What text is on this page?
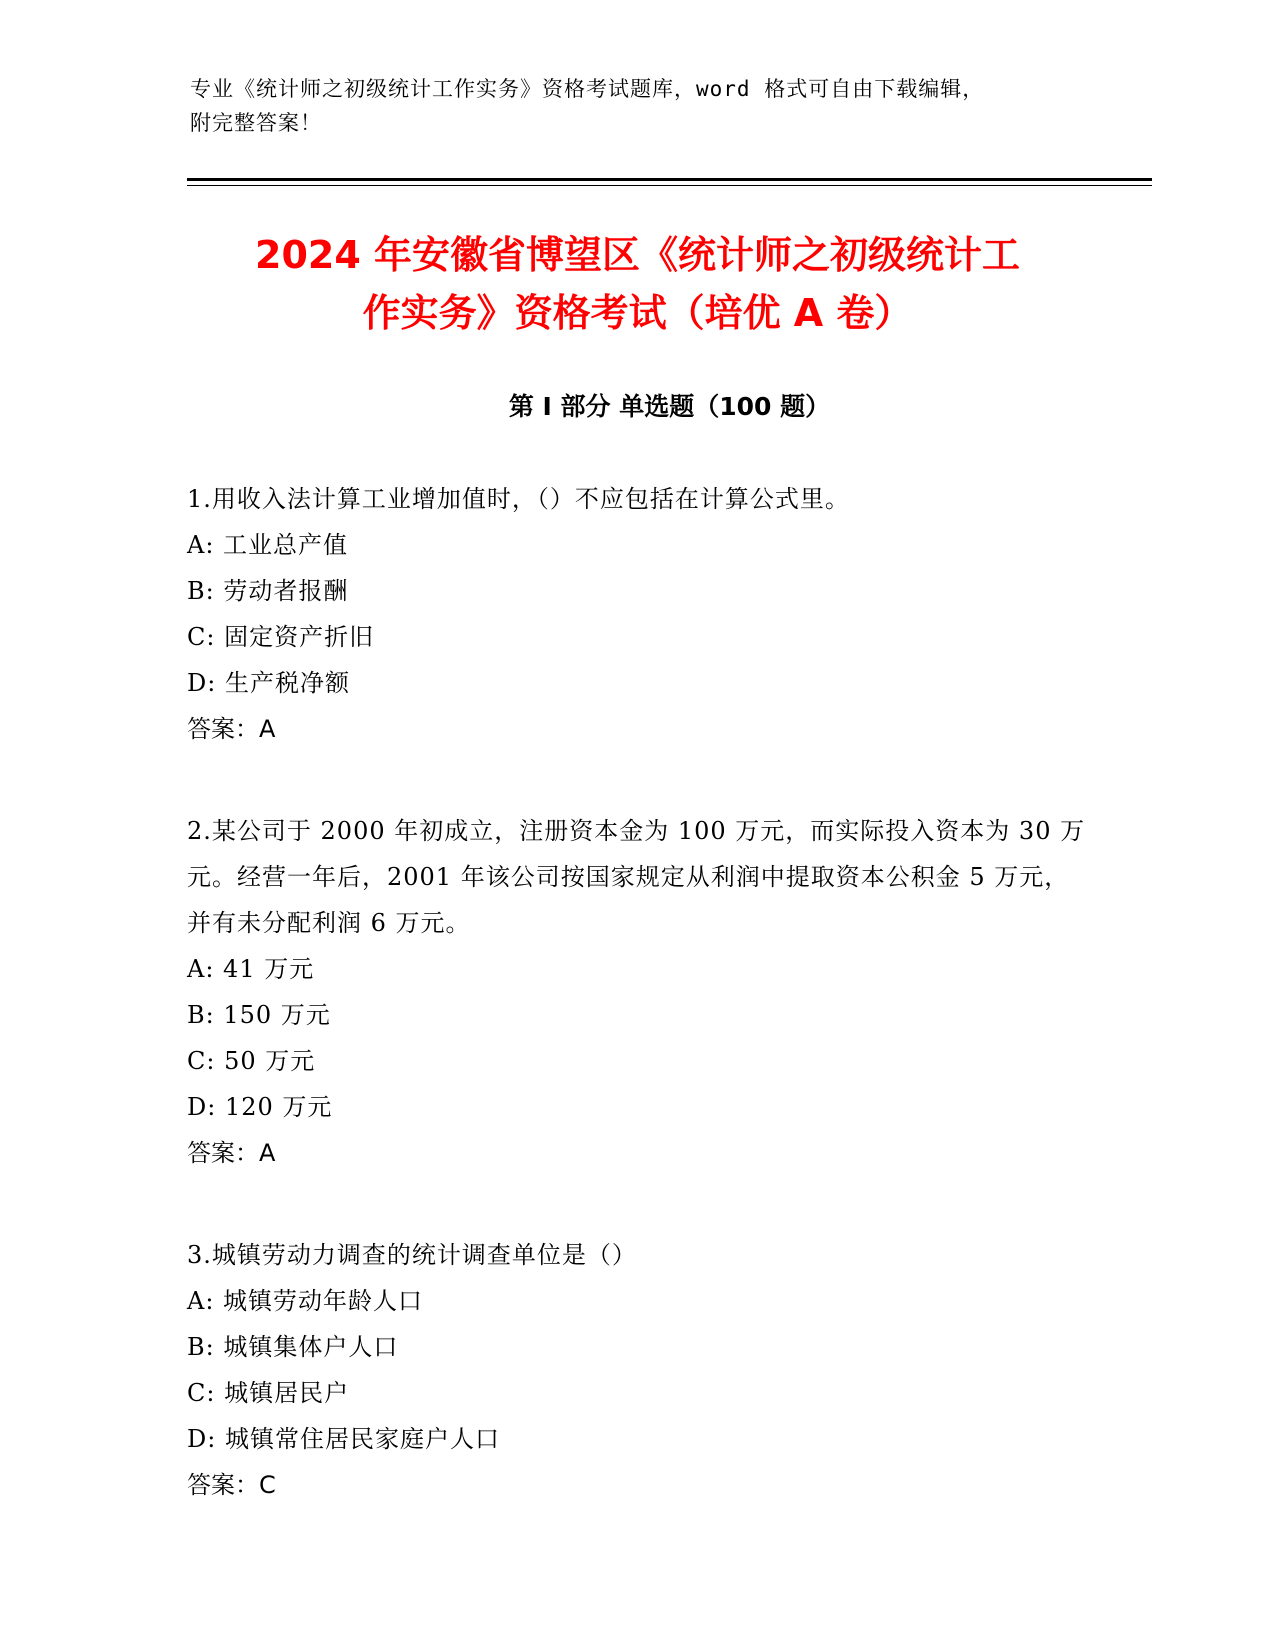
专业《统计师之初级统计工作实务》资格考试题库，word 格式可自由下载编辑，
附完整答案！
2024 年安徽省博望区《统计师之初级统计工
作实务》资格考试（培优 A 卷）
第 I 部分 单选题（100 题）

1.用收入法计算工业增加值时，（）不应包括在计算公式里。

A: 工业总产值

B: 劳动者报酬

C: 固定资产折旧

D: 生产税净额

答案：A

2.某公司于 2000 年初成立，注册资本金为 100 万元，而实际投入资本为 30 万元。经营一年后，2001 年该公司按国家规定从利润中提取资本公积金 5 万元，并有未分配利润 6 万元。

A: 41 万元

B: 150 万元

C: 50 万元

D: 120 万元

答案：A

3.城镇劳动力调查的统计调查单位是（）

A: 城镇劳动年龄人口

B: 城镇集体户人口

C: 城镇居民户

D: 城镇常住居民家庭户人口

答案：C
